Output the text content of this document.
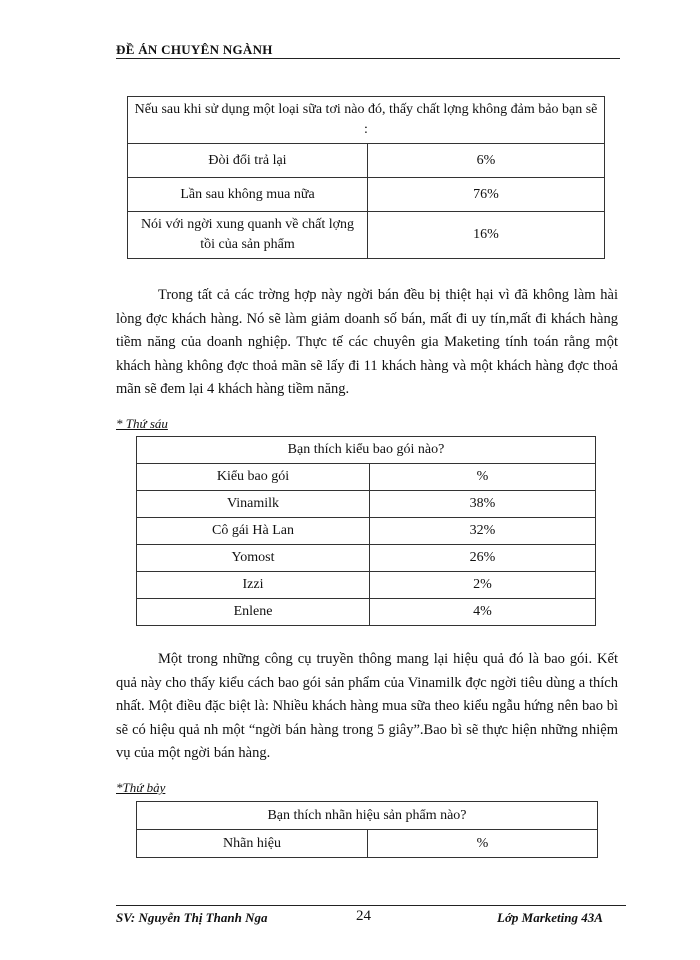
ĐỀ ÁN CHUYÊN NGÀNH
Nếu sau khi sử dụng một loại sữa tơi nào đó, thấy chất lợng không đảm bảo bạn sẽ :	
Đòi đổi trả lại	6%
Lần sau không mua nữa	76%
Nói với ngời xung quanh về chất lợng tồi của sản phẩm	16%

Trong tất cả các trờng hợp này ngời bán đều bị thiệt hại vì đã không làm hài lòng đợc khách hàng. Nó sẽ làm giảm doanh số bán, mất đi uy tín,mất đi khách hàng tiềm năng của doanh nghiệp. Thực tế các chuyên gia Maketing tính toán rằng một khách hàng không đợc thoả mãn sẽ lấy đi 11 khách hàng và một khách hàng đợc thoả mãn sẽ đem lại 4 khách hàng tiềm năng.

* Thứ sáu
Bạn thích kiểu bao gói nào?	
Kiểu bao gói	%
Vinamilk	38%
Cô gái Hà Lan	32%
Yomost	26%
Izzi	2%
Enlene	4%

Một trong những công cụ truyền thông mang lại hiệu quả đó là bao gói. Kết quả này cho thấy kiểu cách bao gói sản phẩm của Vinamilk đợc ngời tiêu dùng a thích nhất. Một điều đặc biệt là: Nhiều khách hàng mua sữa theo kiểu ngẫu hứng nên bao bì sẽ có hiệu quả nh một “ngời bán hàng trong 5 giây”.Bao bì sẽ thực hiện những nhiệm vụ của một ngời bán hàng.

*Thứ bảy
Bạn thích nhãn hiệu sản phẩm nào?
Nhãn hiệu	%
SV: Nguyễn Thị Thanh Nga	24	Lớp Marketing 43A
